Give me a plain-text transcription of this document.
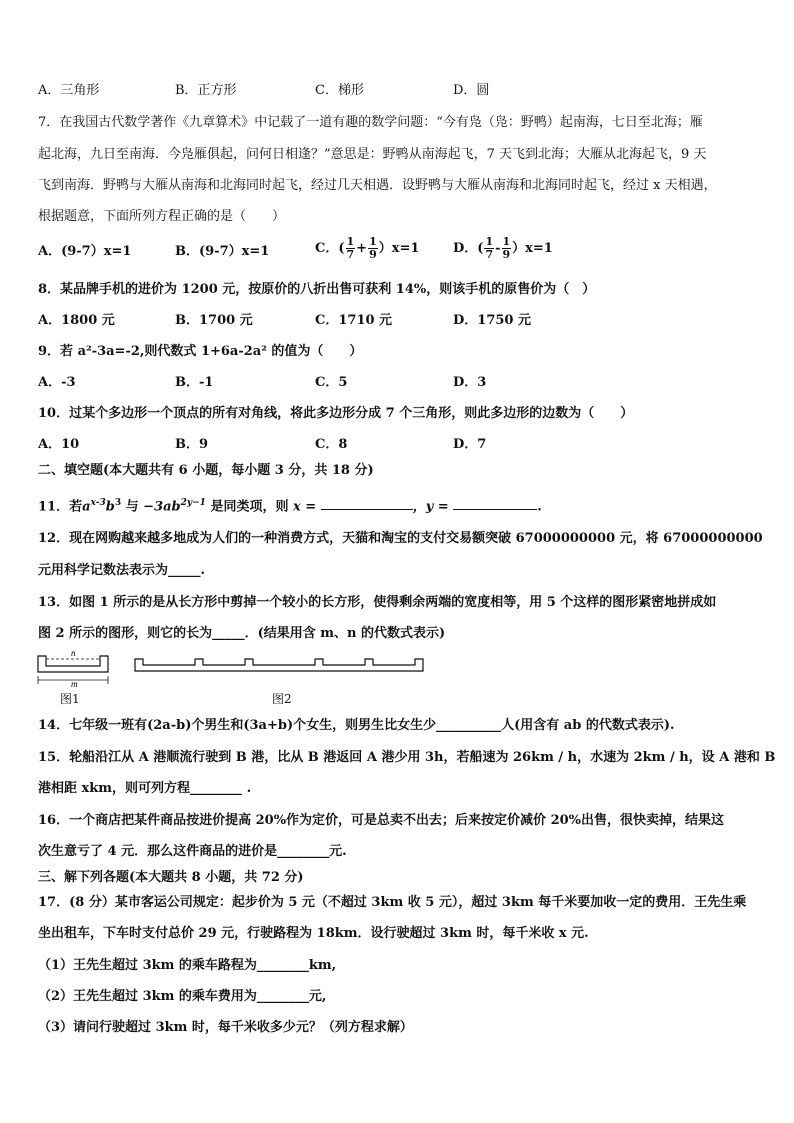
A．三角形	B．正方形	C．梯形	D．圆
7．在我国古代数学著作《九章算术》中记载了一道有趣的数学问题：“今有凫（凫：野鸭）起南海，七日至北海；雁
起北海，九日至南海．今凫雁俱起，问何日相逢？”意思是：野鸭从南海起飞，7 天飞到北海；大雁从北海起飞，9 天
飞到南海．野鸭与大雁从南海和北海同时起飞，经过几天相遇．设野鸭与大雁从南海和北海同时起飞，经过 x 天相遇，
根据题意，下面所列方程正确的是（　　）
A．(9-7）x=1	B．(9-7）x=1	C．( $\frac{1}{7} + \frac{1}{9} )x=1$	D．( $\frac{1}{7} - \frac{1}{9} )x=1$
8．某品牌手机的进价为 1200 元，按原价的八折出售可获利 14%，则该手机的原售价为（　）
A．1800 元	B．1700 元	C．1710 元	D．1750 元
9．若 a²-3a=-2,则代数式 1+6a-2a² 的值为（　　）
A．-3	B．-1	C．5	D．3
10．过某个多边形一个顶点的所有对角线，将此多边形分成 7 个三角形，则此多边形的边数为（　　）
A．10	B．9	C．8	D．7
二、填空题(本大题共有 6 小题，每小题 3 分，共 18 分)
11．若$a^{x-3}b^3$ 与 $-3ab^{2y-1}$ 是同类项，则 x =	，y =	.
12．现在网购越来越多地成为人们的一种消费方式，天猫和淘宝的支付交易额突破 67000000000 元，将 67000000000
元用科学记数法表示为_____.
13．如图 1 所示的是从长方形中剪掉一个较小的长方形，使得剩余两端的宽度相等，用 5 个这样的图形紧密地拼成如
图 2 所示的图形，则它的长为_____．(结果用含 m、n 的代数式表示)
n
m
图1	图2
14．七年级一班有(2a-b)个男生和(3a+b)个女生，则男生比女生少__________人(用含有 ab 的代数式表示).
15．轮船沿江从 A 港顺流行驶到 B 港，比从 B 港返回 A 港少用 3h，若船速为 26km / h，水速为 2km / h，设 A 港和 B
港相距 xkm，则可列方程________ .
16．一个商店把某件商品按进价提高 20%作为定价，可是总卖不出去；后来按定价减价 20%出售，很快卖掉，结果这
次生意亏了 4 元．那么这件商品的进价是________元.
三、解下列各题(本大题共 8 小题，共 72 分)
17．(8 分）某市客运公司规定：起步价为 5 元（不超过 3km 收 5 元），超过 3km 每千米要加收一定的费用．王先生乘
坐出租车，下车时支付总价 29 元，行驶路程为 18km．设行驶超过 3km 时，每千米收 x 元.
（1）王先生超过 3km 的乘车路程为________km,
（2）王先生超过 3km 的乘车费用为________元,
（3）请问行驶超过 3km 时，每千米收多少元？（列方程求解）
